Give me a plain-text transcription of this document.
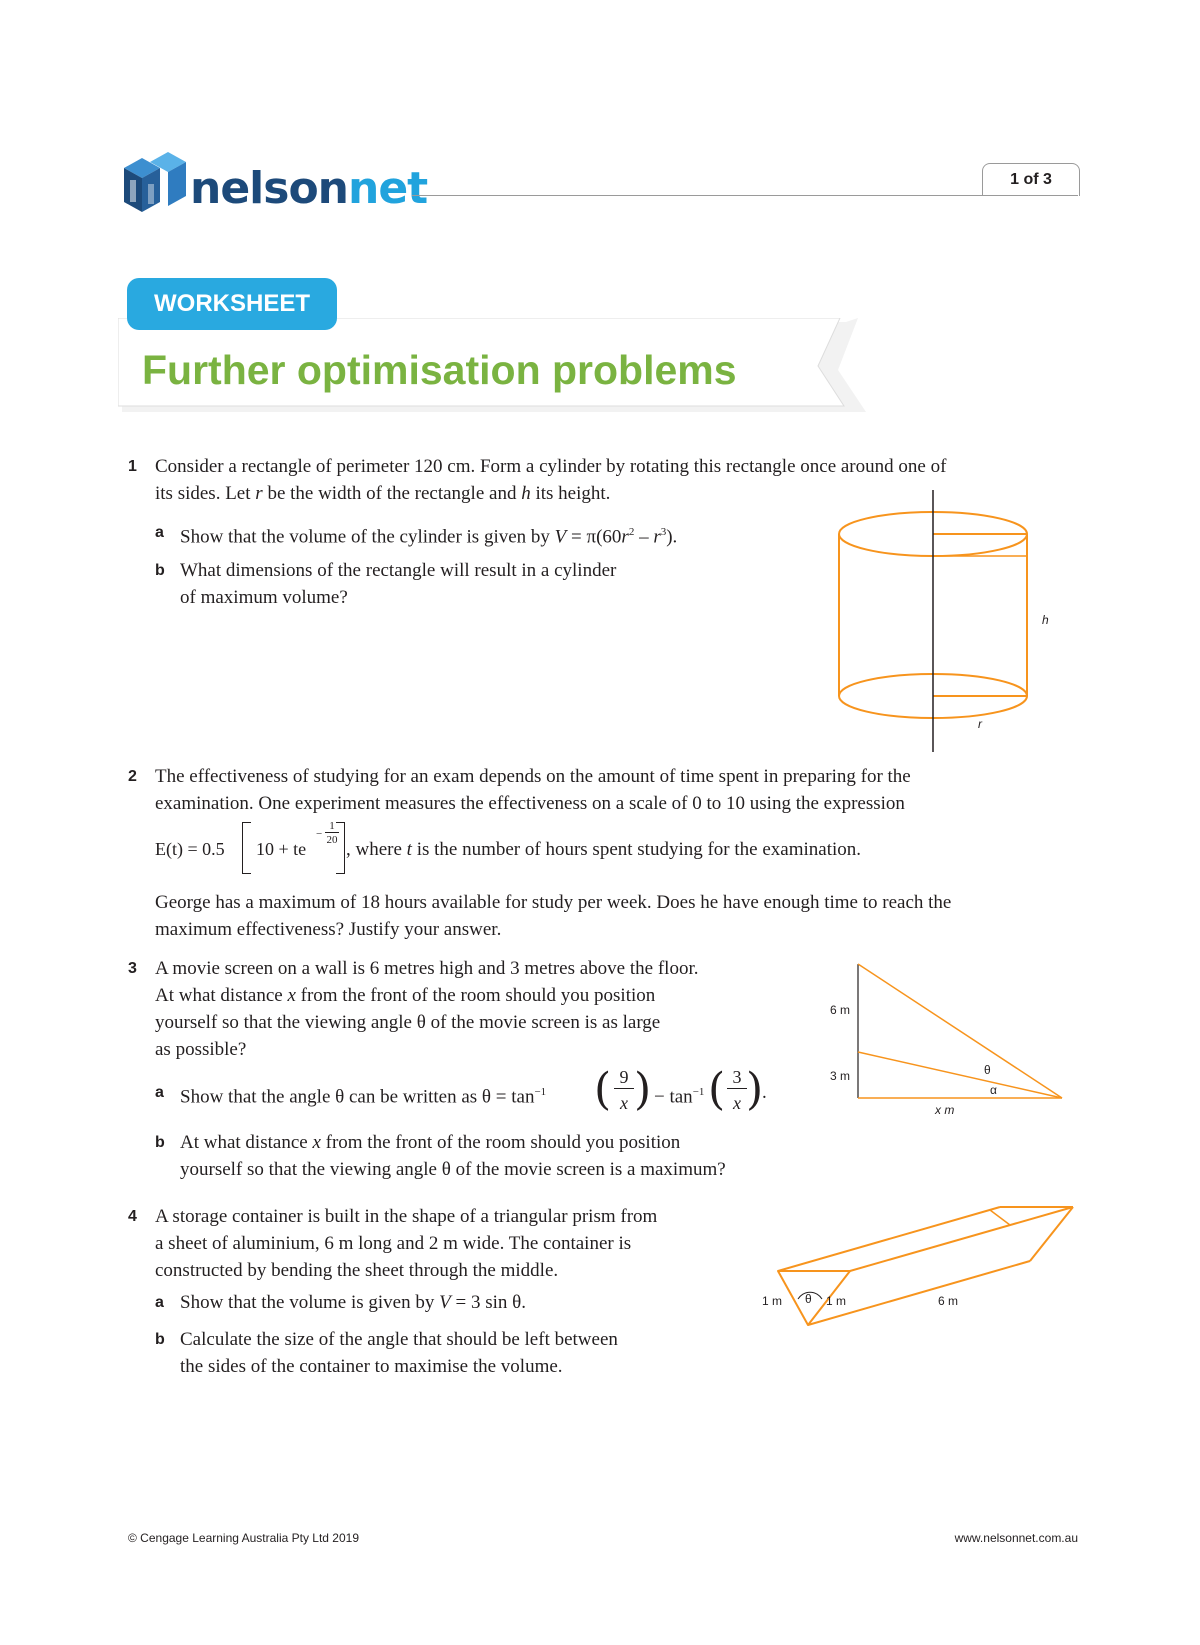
nelsonnet	1 of 3
WORKSHEET
Further optimisation problems
1 Consider a rectangle of perimeter 120 cm. Form a cylinder by rotating this rectangle once around one of
its sides. Let r be the width of the rectangle and h its height.
a Show that the volume of the cylinder is given by $V = \pi(60r^2 - r^3)$.
b What dimensions of the rectangle will result in a cylinder
of maximum volume?
h
r
2 The effectiveness of studying for an exam depends on the amount of time spent in preparing for the
examination. One experiment measures the effectiveness on a scale of 0 to 10 using the expression
E(t) = 0.5 10 + te
−
1
20 , where t is the number of hours spent studying for the examination.
George has a maximum of 18 hours available for study per week. Does he have enough time to reach the
maximum effectiveness? Justify your answer.
3 A movie screen on a wall is 6 metres high and 3 metres above the floor.
At what distance x from the front of the room should you position
yourself so that the viewing angle θ of the movie screen is as large
as possible?
a Show that the angle θ can be written as $\theta = \tan^{-1}$ ( 9
x ) − $\tan^{-1}$ ( 3
x )
.
b At what distance x from the front of the room should you position
yourself so that the viewing angle θ of the movie screen is a maximum?
6 m
3 m	θ
α
x m
4 A storage container is built in the shape of a triangular prism from
a sheet of aluminium, 6 m long and 2 m wide. The container is
constructed by bending the sheet through the middle.
a Show that the volume is given by V = 3 sin θ.
b Calculate the size of the angle that should be left between
the sides of the container to maximise the volume.
1 m θ 1 m	6 m
© Cengage Learning Australia Pty Ltd 2019	www.nelsonnet.com.au
